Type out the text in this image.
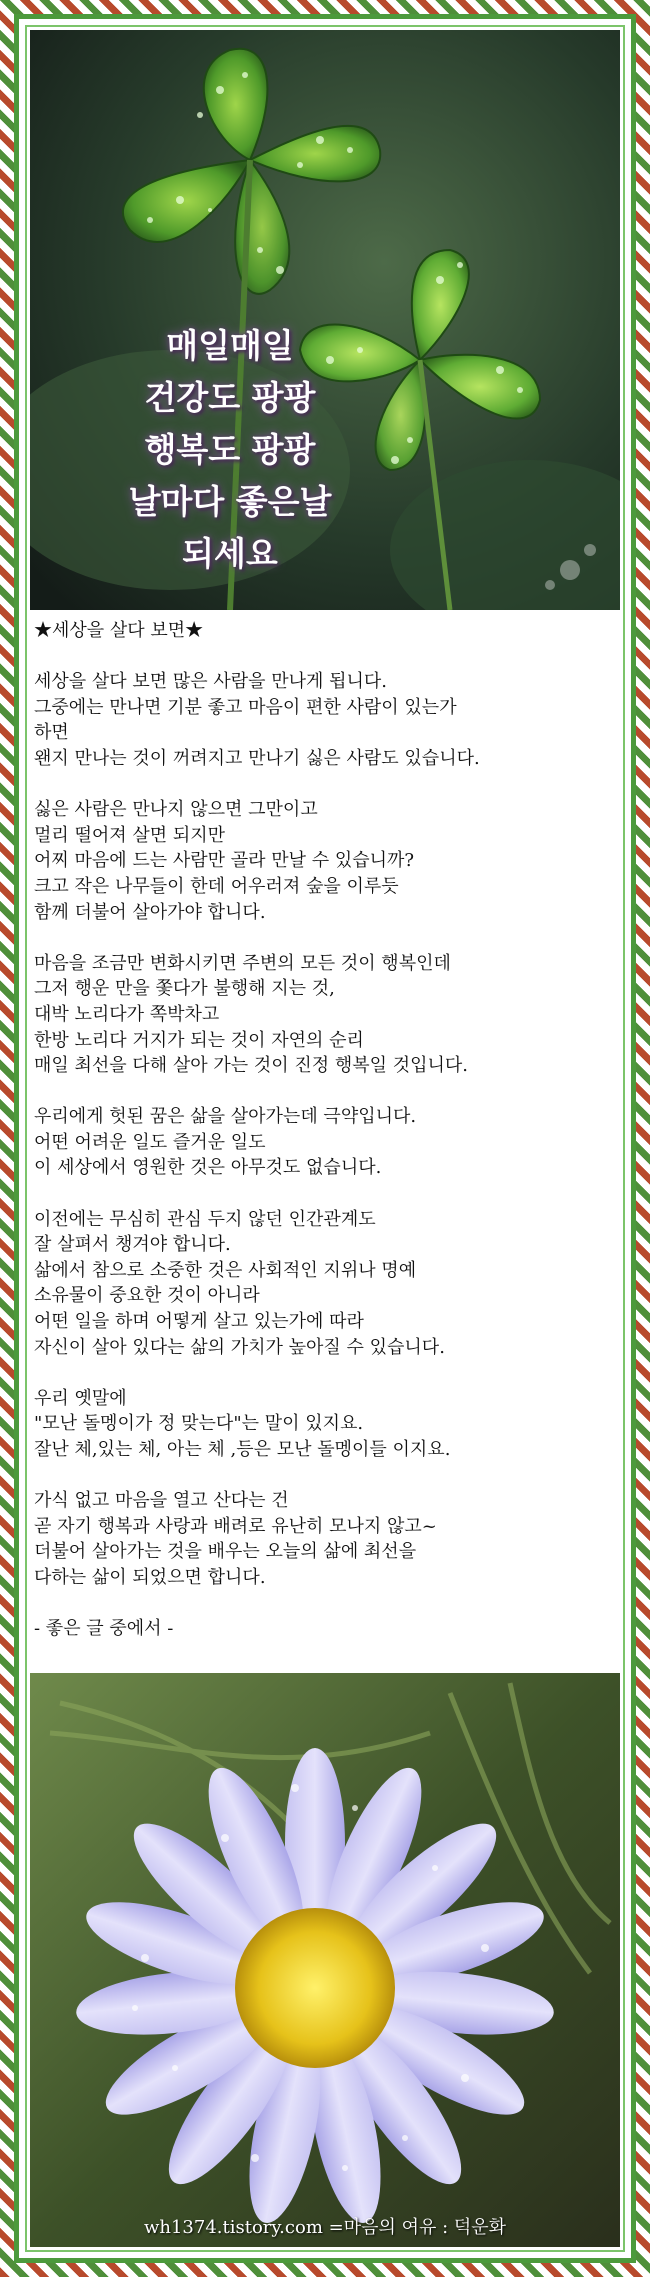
매일매일
건강도 팡팡
행복도 팡팡
날마다 좋은날
되세요
★세상을 살다 보면★
세상을 살다 보면 많은 사람을 만나게 됩니다.
그중에는 만나면 기분 좋고 마음이 편한 사람이 있는가
하면
왠지 만나는 것이 꺼려지고 만나기 싫은 사람도 있습니다.
싫은 사람은 만나지 않으면 그만이고
멀리 떨어져 살면 되지만
어찌 마음에 드는 사람만 골라 만날 수 있습니까?
크고 작은 나무들이 한데 어우러져 숲을 이루듯
함께 더불어 살아가야 합니다.
마음을 조금만 변화시키면 주변의 모든 것이 행복인데
그저 행운 만을 쫓다가 불행해 지는 것,
대박 노리다가 쪽박차고
한방 노리다 거지가 되는 것이 자연의 순리
매일 최선을 다해 살아 가는 것이 진정 행복일 것입니다.
우리에게 헛된 꿈은 삶을 살아가는데 극약입니다.
어떤 어려운 일도 즐거운 일도
이 세상에서 영원한 것은 아무것도 없습니다.
이전에는 무심히 관심 두지 않던 인간관계도
잘 살펴서 챙겨야 합니다.
삶에서 참으로 소중한 것은 사회적인 지위나 명예
소유물이 중요한 것이 아니라
어떤 일을 하며 어떻게 살고 있는가에 따라
자신이 살아 있다는 삶의 가치가 높아질 수 있습니다.
우리 옛말에
"모난 돌멩이가 정 맞는다"는 말이 있지요.
잘난 체,있는 체, 아는 체 ,등은 모난 돌멩이들 이지요.
가식 없고 마음을 열고 산다는 건
곧 자기 행복과 사랑과 배려로 유난히 모나지 않고~
더불어 살아가는 것을 배우는 오늘의 삶에 최선을
다하는 삶이 되었으면 합니다.
- 좋은 글 중에서 -
wh1374.tistory.com =마음의 여유 : 덕운화
